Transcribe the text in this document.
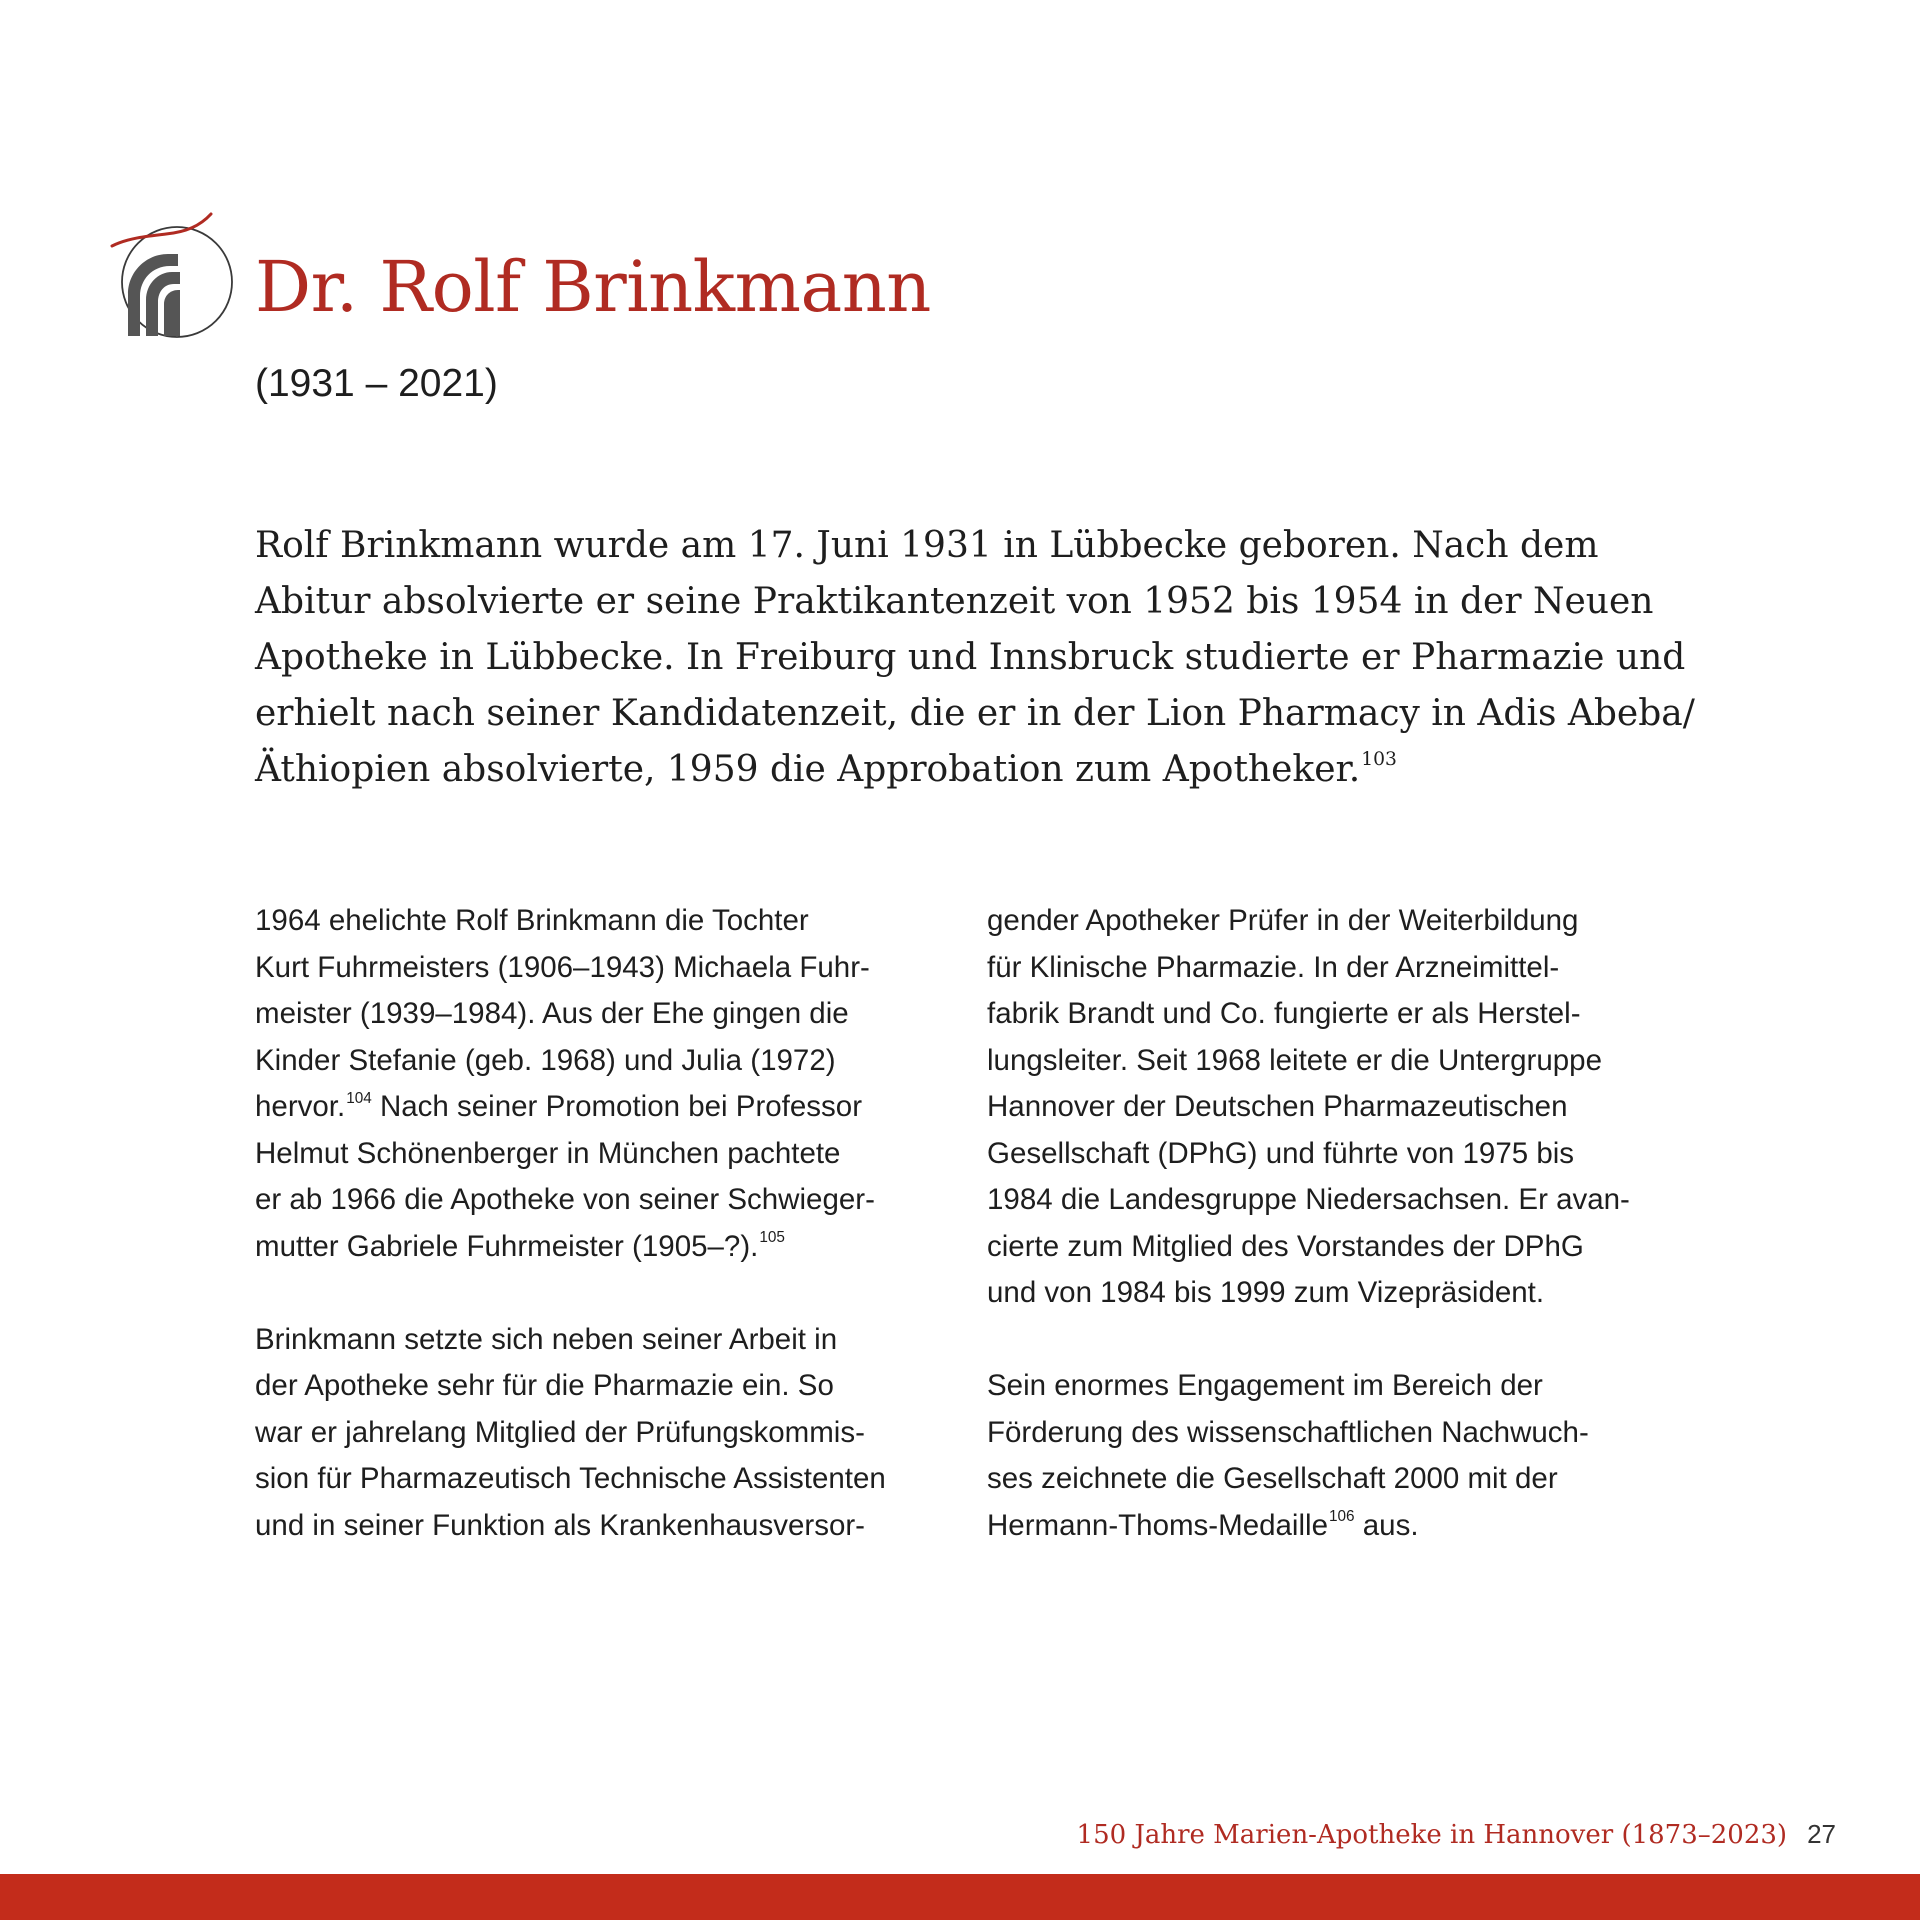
Dr. Rolf Brinkmann
(1931 – 2021)
Rolf Brinkmann wurde am 17. Juni 1931 in Lübbecke geboren. Nach dem
Abitur absolvierte er seine Praktikantenzeit von 1952 bis 1954 in der Neuen
Apotheke in Lübbecke. In Freiburg und Innsbruck studierte er Pharmazie und
erhielt nach seiner Kandidatenzeit, die er in der Lion Pharmacy in Adis Abeba/
Äthiopien absolvierte, 1959 die Approbation zum Apotheker.$^{103}$
1964 ehelichte Rolf Brinkmann die Tochter
Kurt Fuhrmeisters (1906–1943) Michaela Fuhr-
meister (1939–1984). Aus der Ehe gingen die
Kinder Stefanie (geb. 1968) und Julia (1972)
hervor.$^{104}$ Nach seiner Promotion bei Professor
Helmut Schönenberger in München pachtete
er ab 1966 die Apotheke von seiner Schwieger-
mutter Gabriele Fuhrmeister (1905–?).$^{105}$
Brinkmann setzte sich neben seiner Arbeit in
der Apotheke sehr für die Pharmazie ein. So
war er jahrelang Mitglied der Prüfungskommis-
sion für Pharmazeutisch Technische Assistenten
und in seiner Funktion als Krankenhausversor-
gender Apotheker Prüfer in der Weiterbildung
für Klinische Pharmazie. In der Arzneimittel-
fabrik Brandt und Co. fungierte er als Herstel-
lungsleiter. Seit 1968 leitete er die Untergruppe
Hannover der Deutschen Pharmazeutischen
Gesellschaft (DPhG) und führte von 1975 bis
1984 die Landesgruppe Niedersachsen. Er avan-
cierte zum Mitglied des Vorstandes der DPhG
und von 1984 bis 1999 zum Vizepräsident.
Sein enormes Engagement im Bereich der
Förderung des wissenschaftlichen Nachwuch-
ses zeichnete die Gesellschaft 2000 mit der
Hermann-Thoms-Medaille$^{106}$ aus.
150 Jahre Marien-Apotheke in Hannover (1873–2023) 27
